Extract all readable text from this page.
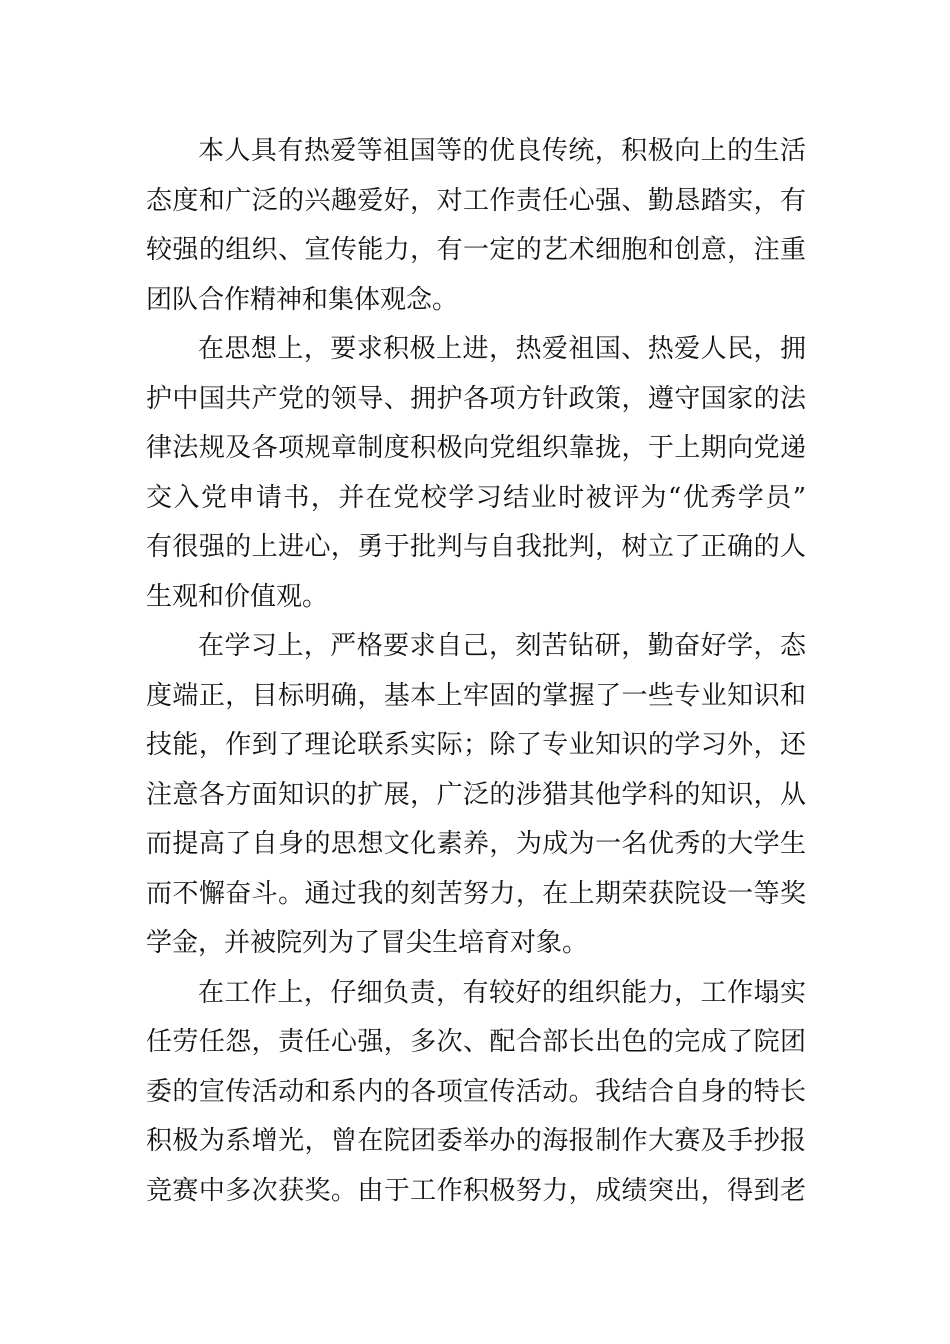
本人具有热爱等祖国等的优良传统，积极向上的生活
态度和广泛的兴趣爱好，对工作责任心强、勤恳踏实，有
较强的组织、宣传能力，有一定的艺术细胞和创意，注重
团队合作精神和集体观念。
在思想上，要求积极上进，热爱祖国、热爱人民，拥
护中国共产党的领导、拥护各项方针政策，遵守国家的法
律法规及各项规章制度积极向党组织靠拢，于上期向党递
交入党申请书，并在党校学习结业时被评为“优秀学员”
有很强的上进心，勇于批判与自我批判，树立了正确的人
生观和价值观。
在学习上，严格要求自己，刻苦钻研，勤奋好学，态
度端正，目标明确，基本上牢固的掌握了一些专业知识和
技能，作到了理论联系实际；除了专业知识的学习外，还
注意各方面知识的扩展，广泛的涉猎其他学科的知识，从
而提高了自身的思想文化素养，为成为一名优秀的大学生
而不懈奋斗。通过我的刻苦努力，在上期荣获院设一等奖
学金，并被院列为了冒尖生培育对象。
在工作上，仔细负责，有较好的组织能力，工作塌实
任劳任怨，责任心强，多次、配合部长出色的完成了院团
委的宣传活动和系内的各项宣传活动。我结合自身的特长
积极为系增光，曾在院团委举办的海报制作大赛及手抄报
竞赛中多次获奖。由于工作积极努力，成绩突出，得到老
